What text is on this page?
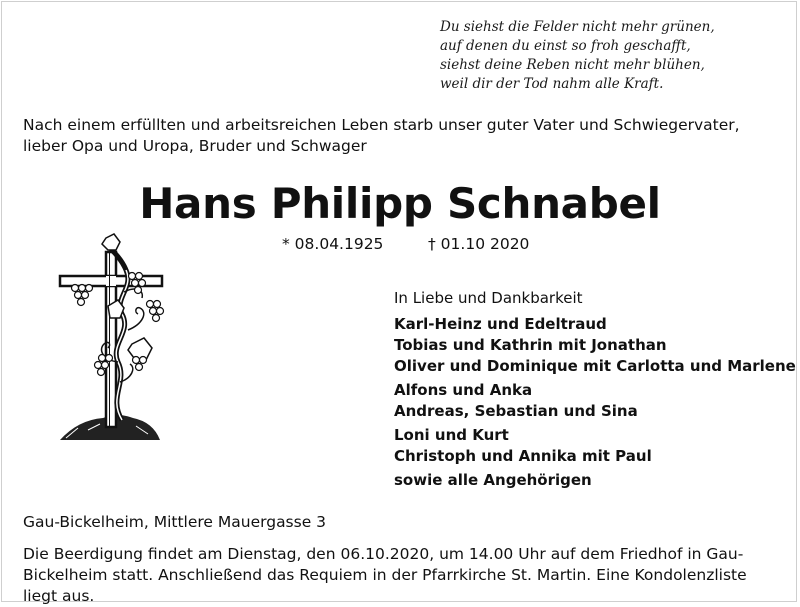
Du siehst die Felder nicht mehr grünen,
auf denen du einst so froh geschafft,
siehst deine Reben nicht mehr blühen,
weil dir der Tod nahm alle Kraft.
Nach einem erfüllten und arbeitsreichen Leben starb unser guter Vater und Schwiegervater, lieber Opa und Uropa, Bruder und Schwager
Hans Philipp Schnabel
* 08.04.1925	† 01.10 2020
In Liebe und Dankbarkeit
Karl-Heinz und Edeltraud
Tobias und Kathrin mit Jonathan
Oliver und Dominique mit Carlotta und Marlene
Alfons und Anka
Andreas, Sebastian und Sina
Loni und Kurt
Christoph und Annika mit Paul
sowie alle Angehörigen
Gau-Bickelheim, Mittlere Mauergasse 3
Die Beerdigung findet am Dienstag, den 06.10.2020, um 14.00 Uhr auf dem Friedhof in Gau-Bickelheim statt. Anschließend das Requiem in der Pfarrkirche St. Martin. Eine Kondolenzliste liegt aus.
